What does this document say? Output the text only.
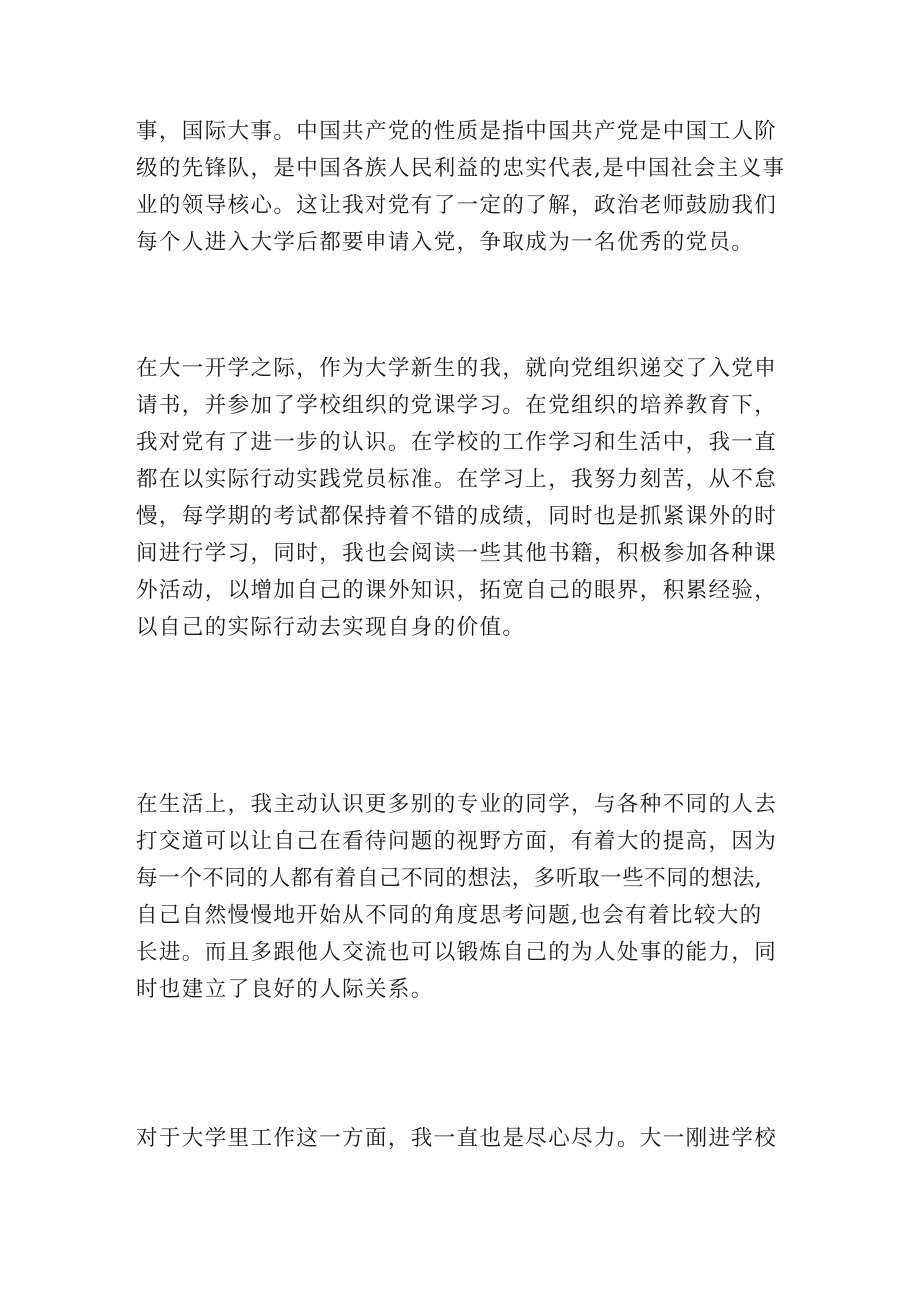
事，国际大事。中国共产党的性质是指中国共产党是中国工人阶
级的先锋队，是中国各族人民利益的忠实代表,是中国社会主义事
业的领导核心。这让我对党有了一定的了解，政治老师鼓励我们
每个人进入大学后都要申请入党，争取成为一名优秀的党员。

在大一开学之际，作为大学新生的我，就向党组织递交了入党申
请书，并参加了学校组织的党课学习。在党组织的培养教育下，
我对党有了进一步的认识。在学校的工作学习和生活中，我一直
都在以实际行动实践党员标准。在学习上，我努力刻苦，从不怠
慢，每学期的考试都保持着不错的成绩，同时也是抓紧课外的时
间进行学习，同时，我也会阅读一些其他书籍，积极参加各种课
外活动，以增加自己的课外知识，拓宽自己的眼界，积累经验，
以自己的实际行动去实现自身的价值。

在生活上，我主动认识更多别的专业的同学，与各种不同的人去
打交道可以让自己在看待问题的视野方面，有着大的提高，因为
每一个不同的人都有着自己不同的想法，多听取一些不同的想法,
自己自然慢慢地开始从不同的角度思考问题,也会有着比较大的
长进。而且多跟他人交流也可以锻炼自己的为人处事的能力，同
时也建立了良好的人际关系。

对于大学里工作这一方面，我一直也是尽心尽力。大一刚进学校
